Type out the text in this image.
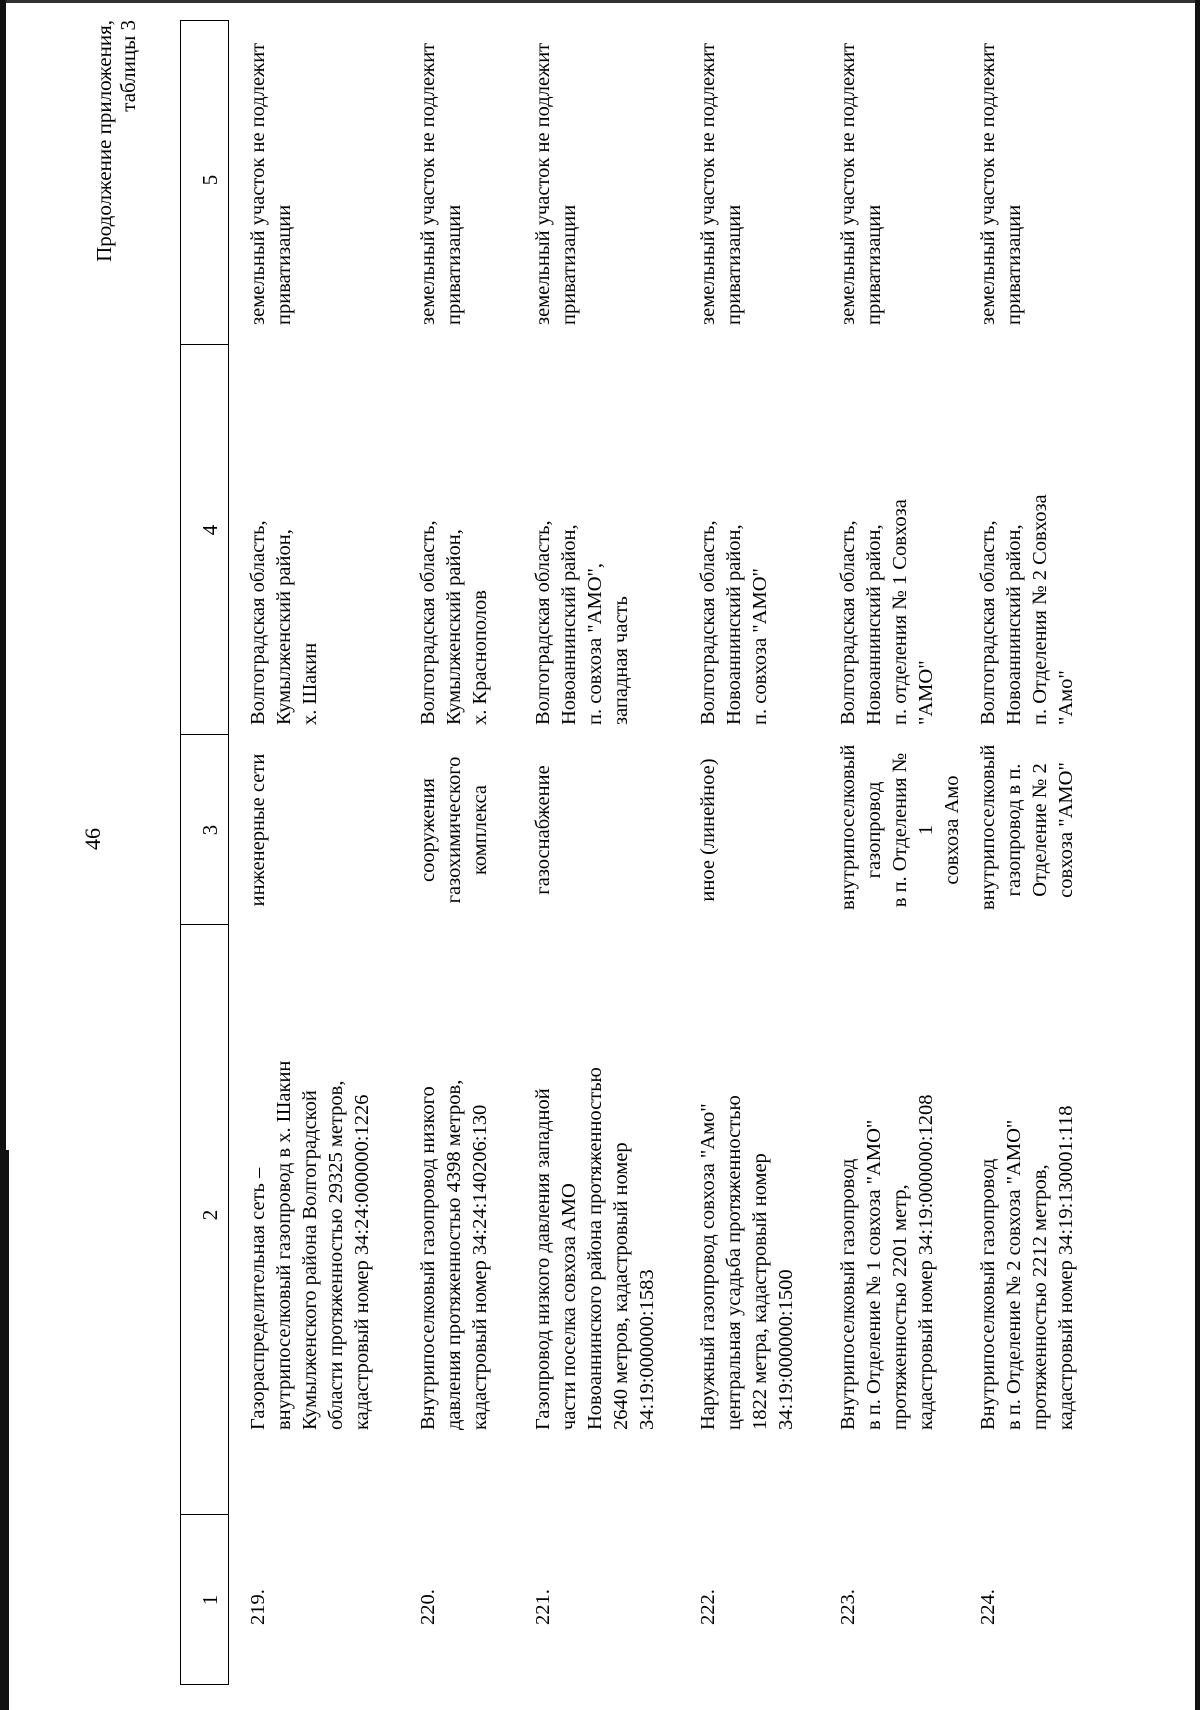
46
Продолжение приложения, таблицы 3
1
2
3
4
5
219.
Газораспределительная сеть – внутрипоселковый газопровод в х. Шакин Кумылженского района Волгоградской области протяженностью 29325 метров, кадастровый номер 34:24:000000:1226
инженерные сети
Волгоградская область, Кумылженский район, х. Шакин
земельный участок не подлежит приватизации
220.
Внутрипоселковый газопровод низкого давления протяженностью 4398 метров, кадастровый номер 34:24:140206:130
сооружения газохимического комплекса
Волгоградская область, Кумылженский район, х. Краснополов
земельный участок не подлежит приватизации
221.
Газопровод низкого давления западной части поселка совхоза АМО Новоаннинского района протяженностью 2640 метров, кадастровый номер 34:19:000000:1583
газоснабжение
Волгоградская область, Новоаннинский район, п. совхоза "АМО", западная часть
земельный участок не подлежит приватизации
222.
Наружный газопровод совхоза "Амо" центральная усадьба протяженностью 1822 метра, кадастровый номер 34:19:000000:1500
иное (линейное)
Волгоградская область, Новоаннинский район, п. совхоза "АМО"
земельный участок не подлежит приватизации
223.
Внутрипоселковый газопровод в п. Отделение № 1 совхоза "АМО" протяженностью 2201 метр, кадастровый номер 34:19:000000:1208
внутрипоселковый газопровод в п. Отделения № 1 совхоза Амо
Волгоградская область, Новоаннинский район, п. отделения № 1 Совхоза "АМО"
земельный участок не подлежит приватизации
224.
Внутрипоселковый газопровод в п. Отделение № 2 совхоза "АМО" протяженностью 2212 метров, кадастровый номер 34:19:130001:118
внутрипоселковый газопровод в п. Отделение № 2 совхоза "АМО"
Волгоградская область, Новоаннинский район, п. Отделения № 2 Совхоза "Амо"
земельный участок не подлежит приватизации
